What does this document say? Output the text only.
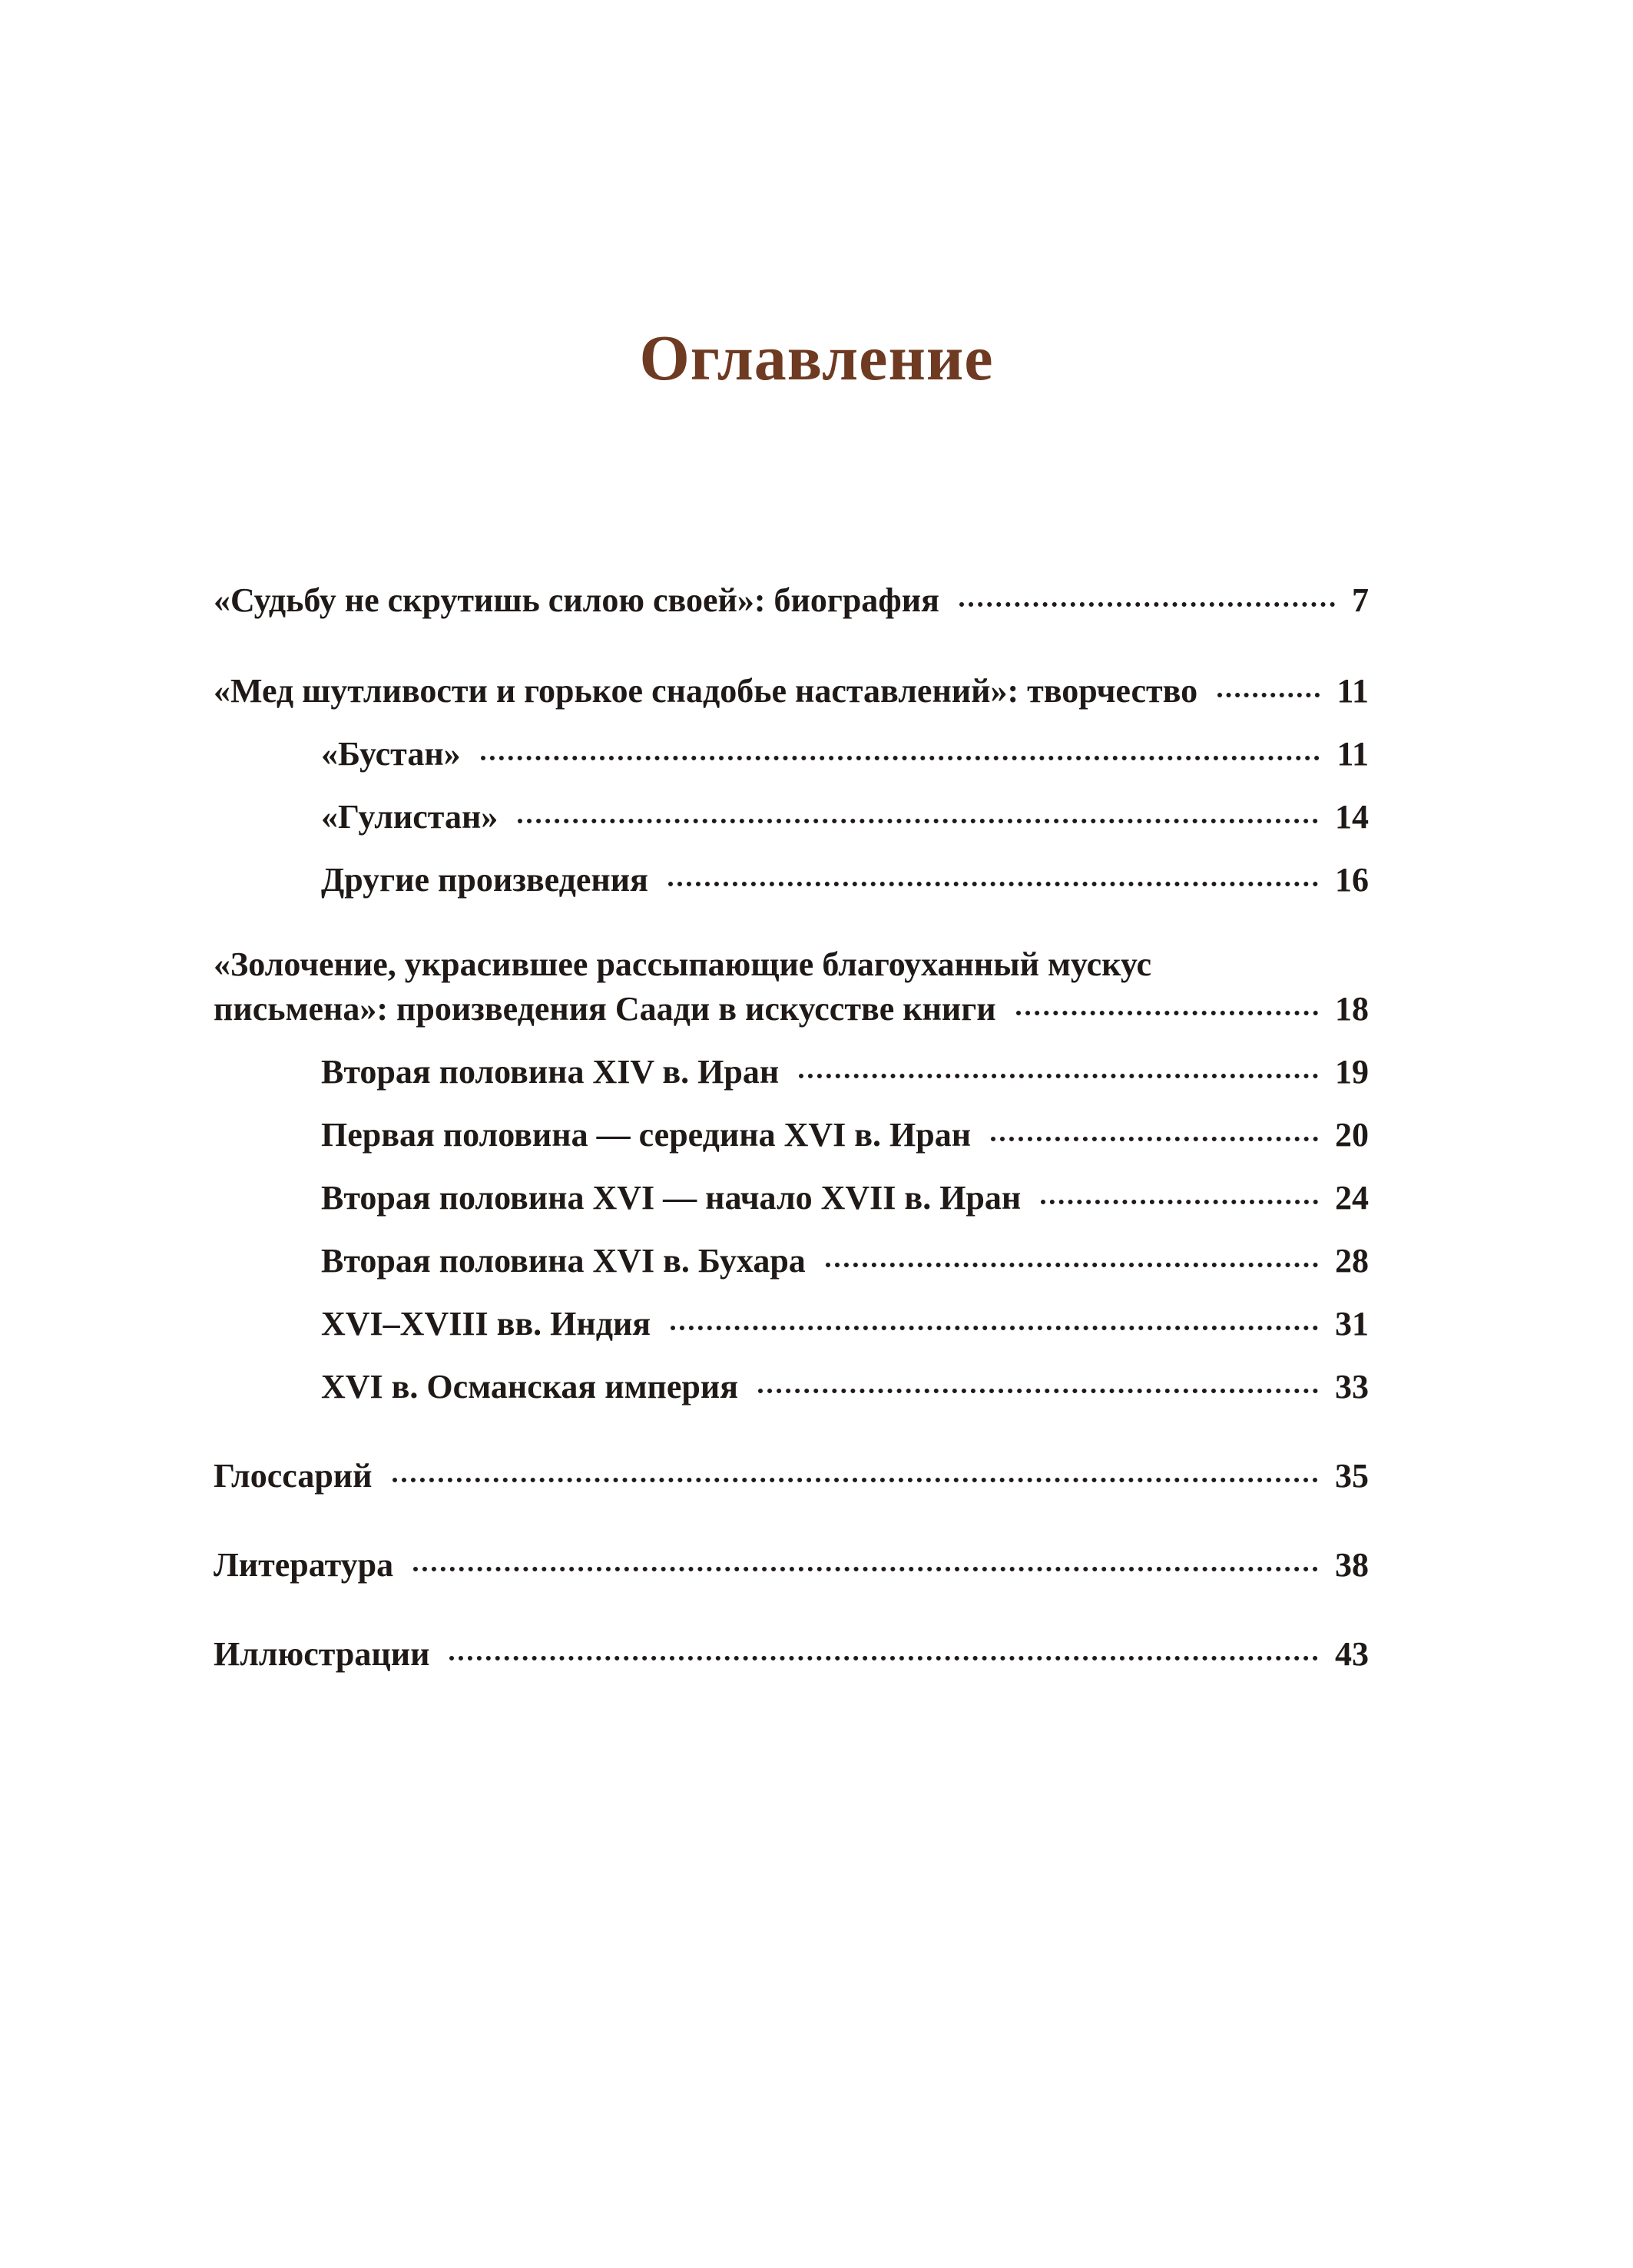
Оглавление
«Судьбу не скрутишь силою своей»: биография	7
«Мед шутливости и горькое снадобье наставлений»: творчество	11
«Бустан»	11
«Гулистан»	14
Другие произведения	16
«Золочение, украсившее рассыпающие благоуханный мускус
письмена»: произведения Саади в искусстве книги	18
Вторая половина XIV в. Иран	19
Первая половина — середина XVI в. Иран	20
Вторая половина XVI — начало XVII в. Иран	24
Вторая половина XVI в. Бухара	28
XVI–XVIII вв. Индия	31
XVI в. Османская империя	33
Глоссарий	35
Литература	38
Иллюстрации	43
